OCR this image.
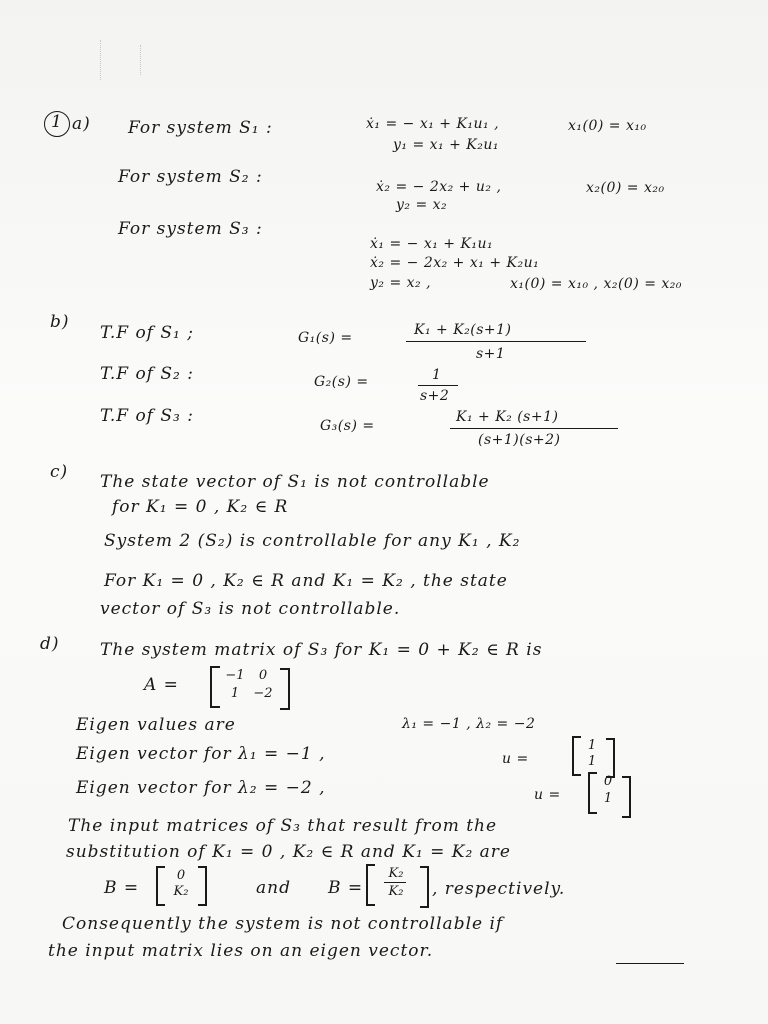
1 a) For system S₁ :	ẋ₁ = − x₁ + K₁u₁ ,	x₁(0) = x₁₀
y₁ = x₁ + K₂u₁
For system S₂ :	ẋ₂ = − 2x₂ + u₂ ,	x₂(0) = x₂₀
y₂ = x₂
For system S₃ :
ẋ₁ = − x₁ + K₁u₁
ẋ₂ = − 2x₂ + x₁ + K₂u₁
y₂ = x₂ ,	x₁(0) = x₁₀ , x₂(0) = x₂₀
b)
T.F of S₁ ;	G₁(s) =	K₁ + K₂(s+1)
s+1
T.F of S₂ :	G₂(s) =	1
s+2
T.F of S₃ :	G₃(s) =
K₁ + K₂ (s+1)
(s+1)(s+2)
c) The state vector of S₁ is not controllable
for K₁ = 0 , K₂ ∈ R
System 2 (S₂) is controllable for any K₁ , K₂
For K₁ = 0 , K₂ ∈ R and K₁ = K₂ , the state
vector of S₃ is not controllable.
d) The system matrix of S₃ for K₁ = 0 + K₂ ∈ R is
A =	−1	0
1	−2
Eigen values are	λ₁ = −1 , λ₂ = −2
Eigen vector for λ₁ = −1 ,	u =
1
1
Eigen vector for λ₂ = −2 ,	u =
0
1
The input matrices of S₃ that result from the
substitution of K₁ = 0 , K₂ ∈ R and K₁ = K₂ are
B =
0
K₂	and B =
K₂
K₂	, respectively.
Consequently the system is not controllable if
the input matrix lies on an eigen vector.
